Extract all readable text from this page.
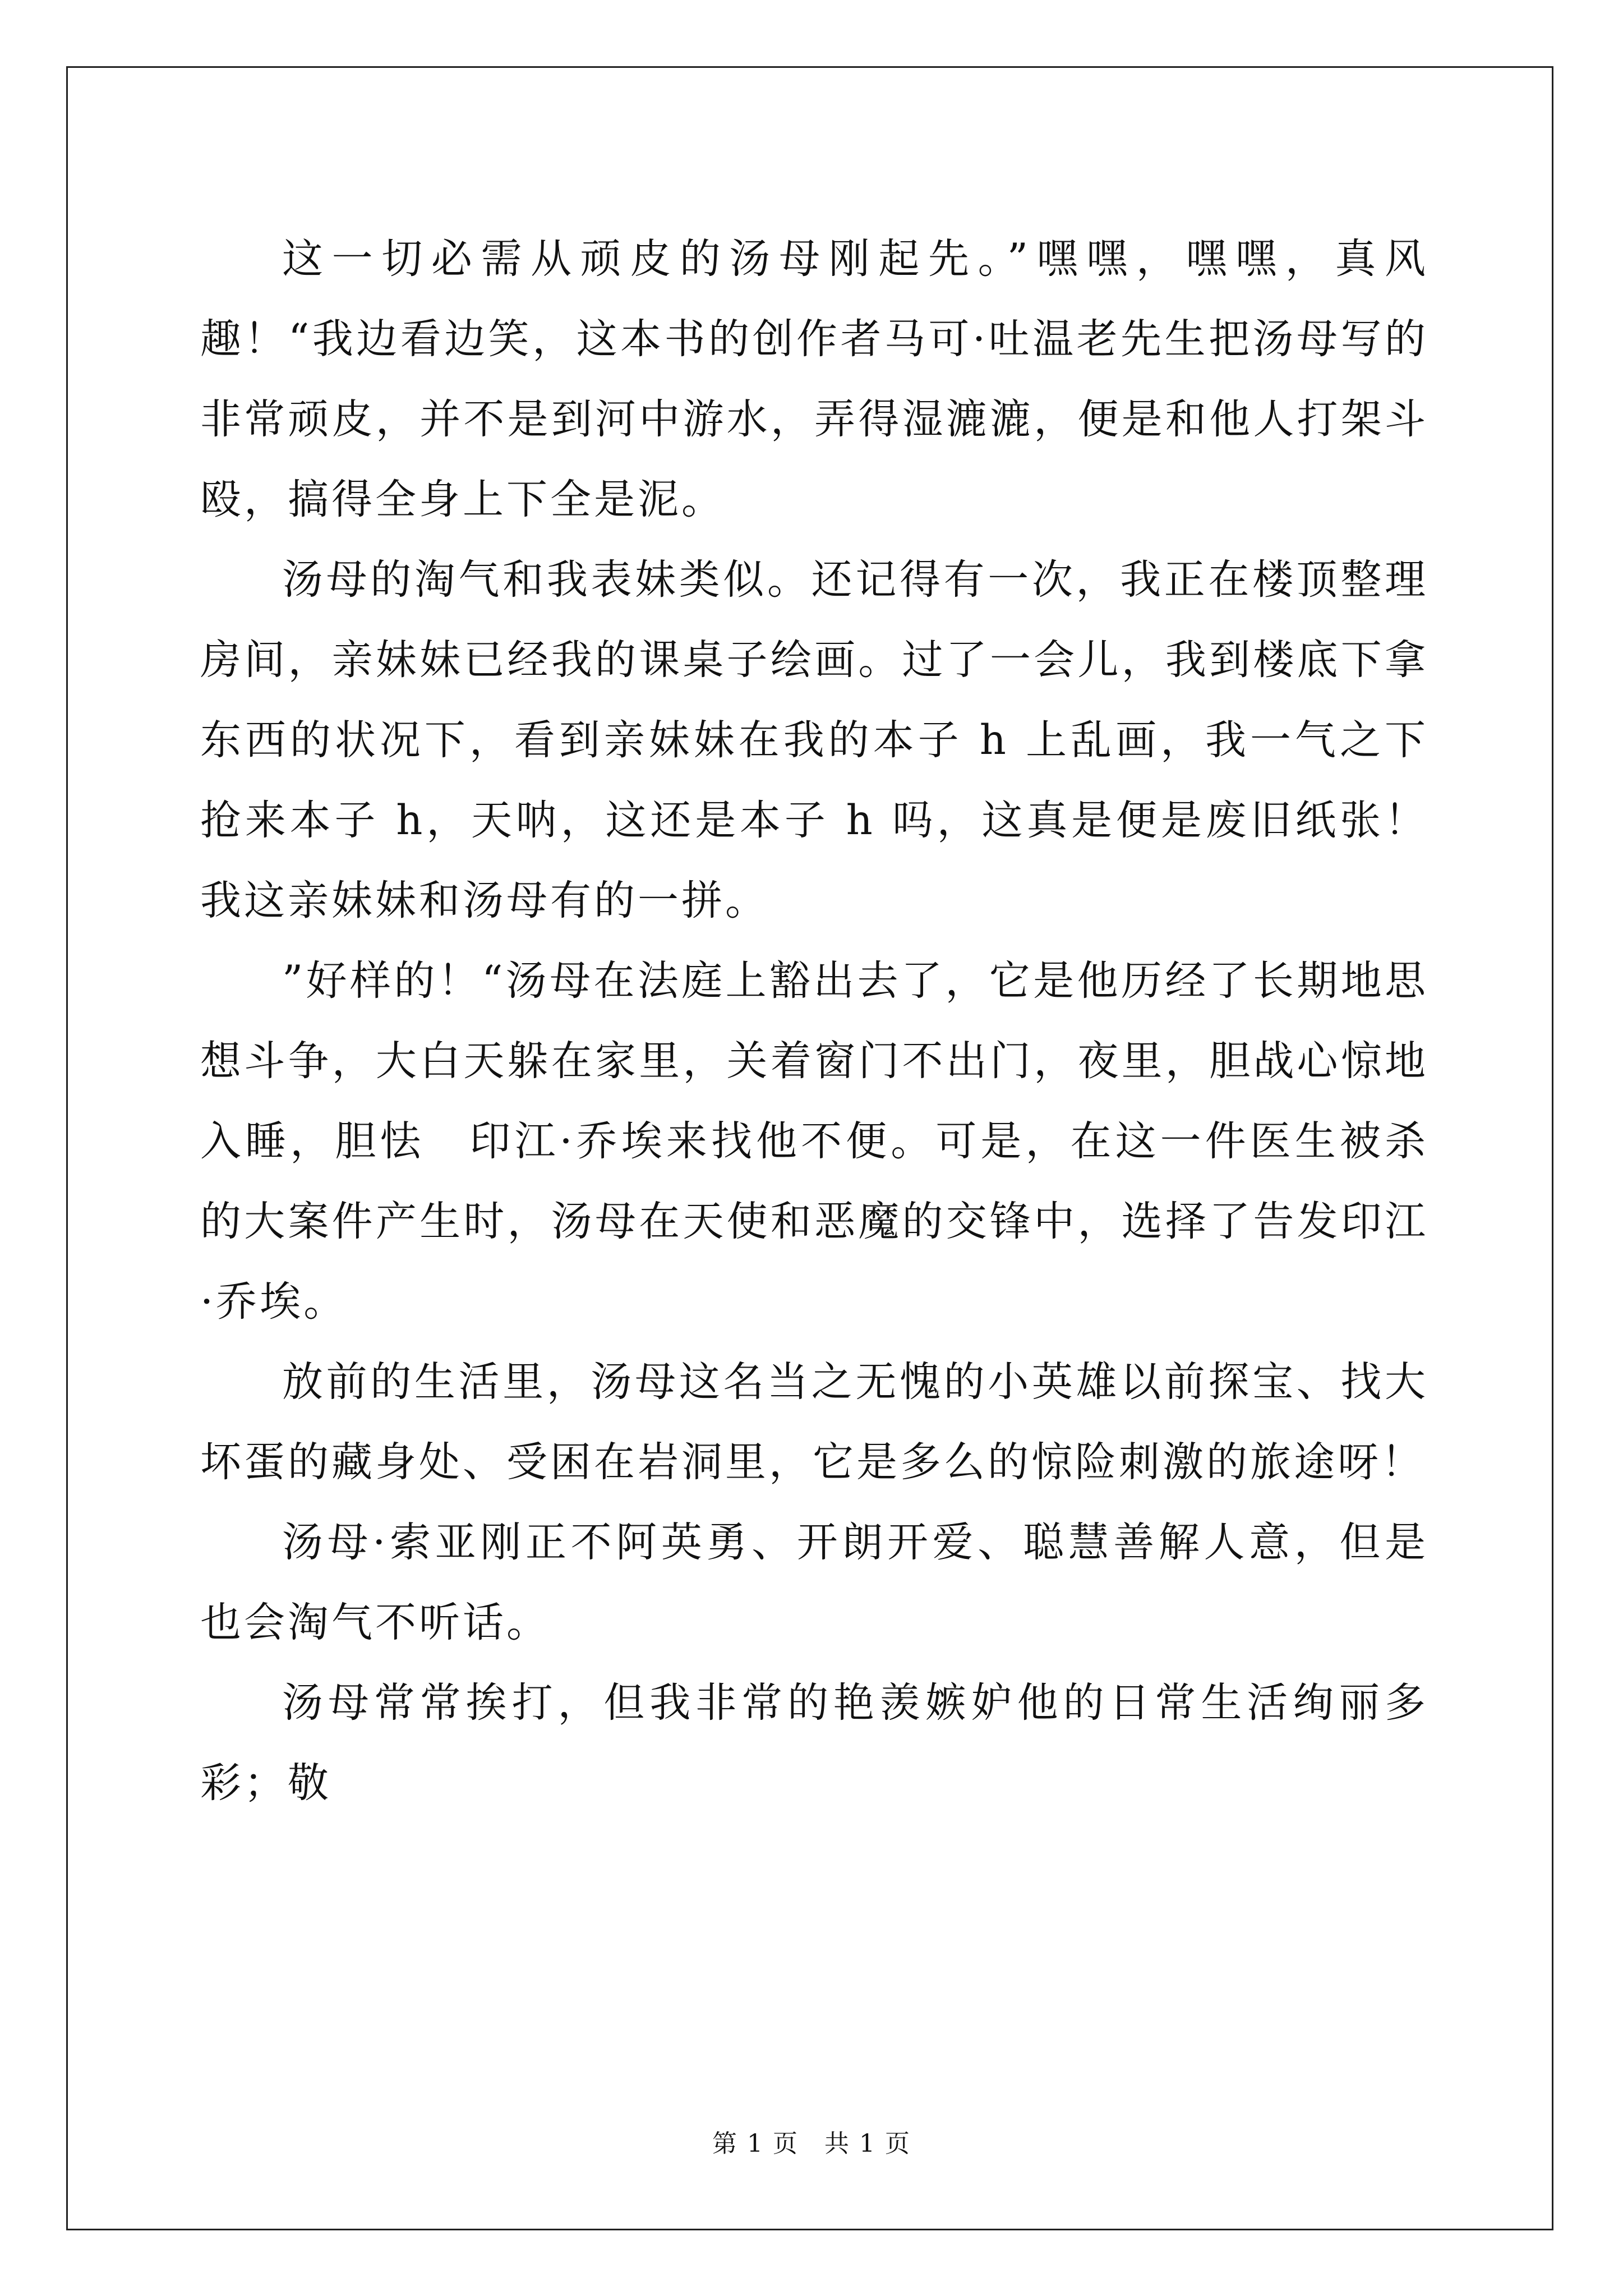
这一切必需从顽皮的汤母刚起先。”嘿嘿，嘿嘿，真风趣！“我边看边笑，这本书的创作者马可·吐温老先生把汤母写的非常顽皮，并不是到河中游水，弄得湿漉漉，便是和他人打架斗殴，搞得全身上下全是泥。

汤母的淘气和我表妹类似。还记得有一次，我正在楼顶整理房间，亲妹妹已经我的课桌子绘画。过了一会儿，我到楼底下拿东西的状况下，看到亲妹妹在我的本子 h 上乱画，我一气之下抢来本子 h，天呐，这还是本子 h 吗，这真是便是废旧纸张！我这亲妹妹和汤母有的一拼。

”好样的！“汤母在法庭上豁出去了，它是他历经了长期地思想斗争，大白天躲在家里，关着窗门不出门，夜里，胆战心惊地入睡，胆怯　印江·乔埃来找他不便。可是，在这一件医生被杀的大案件产生时，汤母在天使和恶魔的交锋中，选择了告发印江·乔埃。

放前的生活里，汤母这名当之无愧的小英雄以前探宝、找大坏蛋的藏身处、受困在岩洞里，它是多么的惊险刺激的旅途呀！

汤母·索亚刚正不阿英勇、开朗开爱、聪慧善解人意，但是也会淘气不听话。

汤母常常挨打，但我非常的艳羡嫉妒他的日常生活绚丽多彩；敬

第 1 页　共 1 页
